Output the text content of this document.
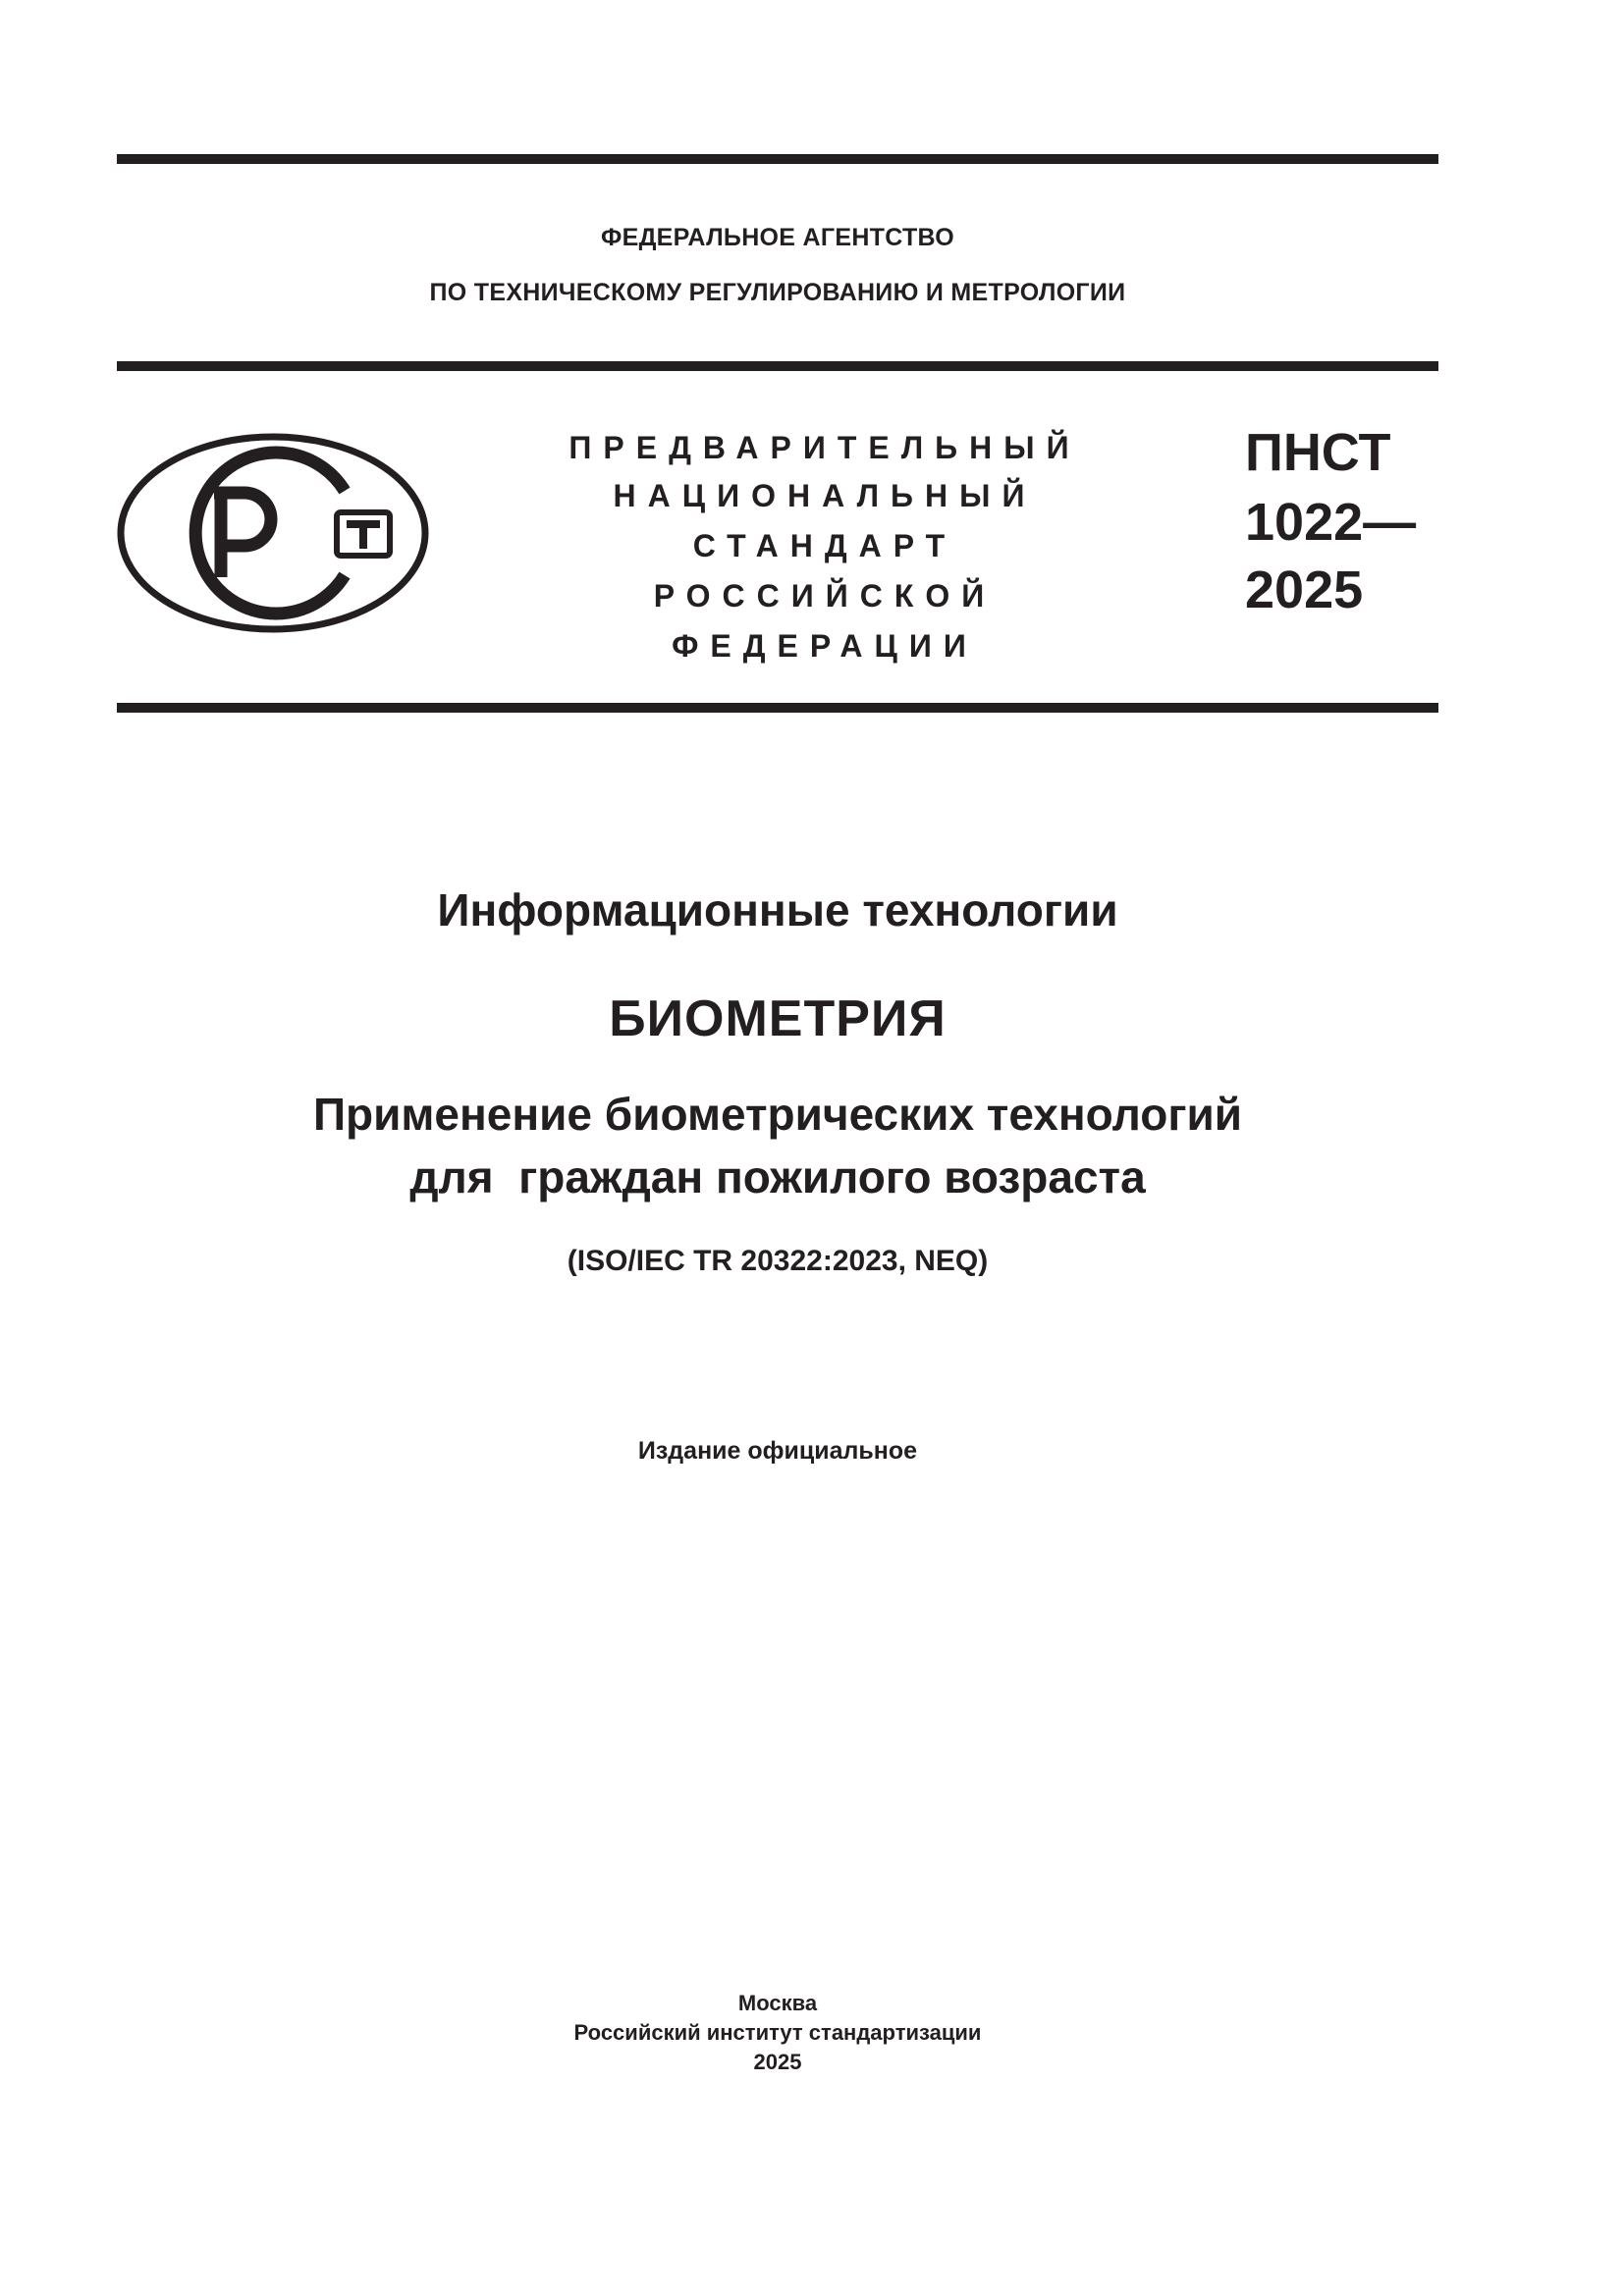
ФЕДЕРАЛЬНОЕ АГЕНТСТВО
ПО ТЕХНИЧЕСКОМУ РЕГУЛИРОВАНИЮ И МЕТРОЛОГИИ
ПРЕДВАРИТЕЛЬНЫЙ
НАЦИОНАЛЬНЫЙ
СТАНДАРТ
РОССИЙСКОЙ
ФЕДЕРАЦИИ
ПНСТ
1022—
2025
Информационные технологии
БИОМЕТРИЯ
Применение биометрических технологий
для  граждан пожилого возраста
(ISO/IEC TR 20322:2023, NEQ)
Издание официальное
Москва
Российский институт стандартизации
2025
